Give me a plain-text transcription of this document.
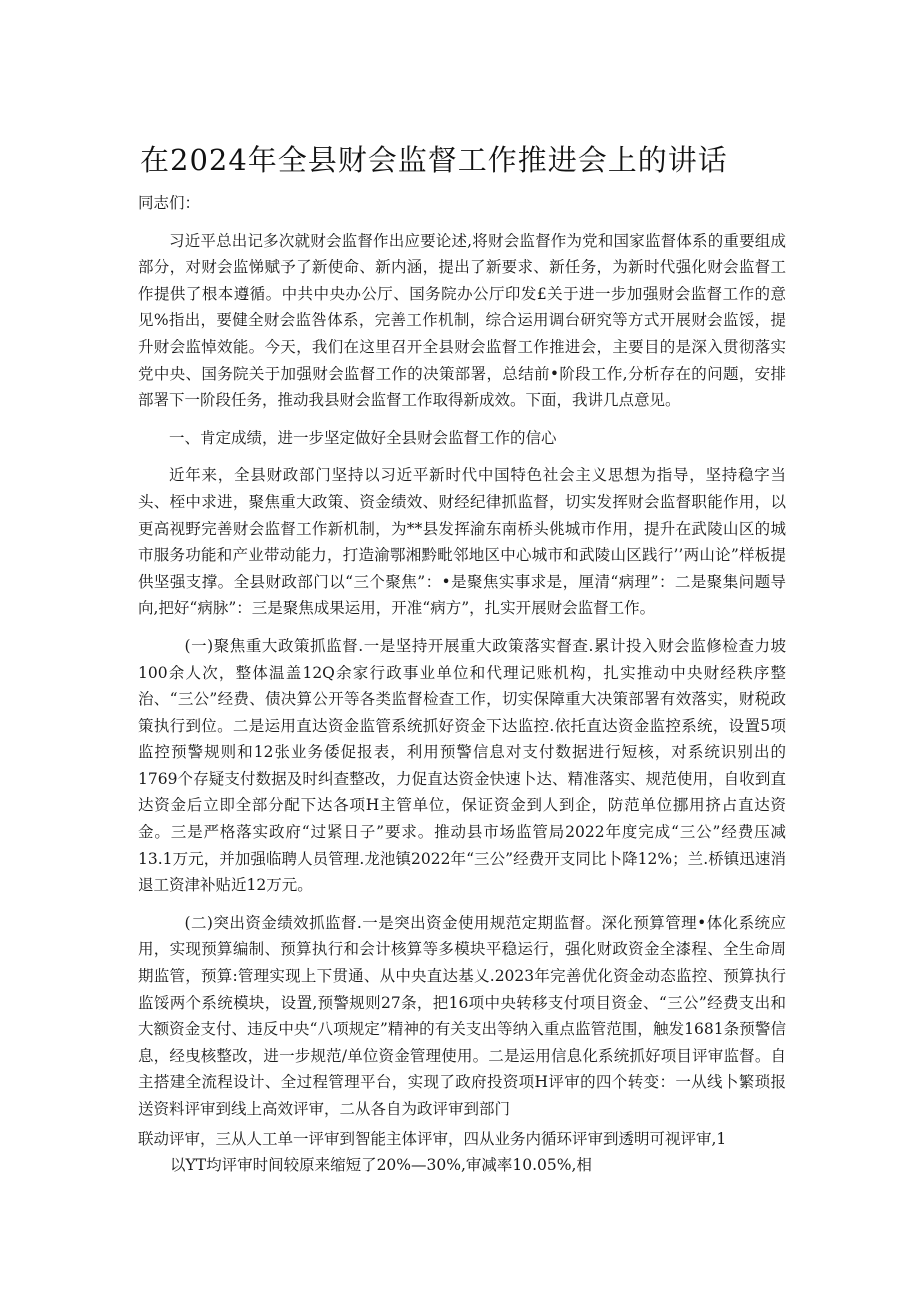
在2024年全县财会监督工作推进会上的讲话

同志们：

习近平总出记多次就财会监督作出应要论述,将财会监督作为党和国家监督体系的重要组成部分，对财会监悌赋予了新使命、新内涵，提出了新要求、新任务，为新时代强化财会监督工作提供了根本遵循。中共中央办公厅、国务院办公厅印发£关于进一步加强财会监督工作的意见%指出，要健全财会监咎体系，完善工作机制，综合运用调台研究等方式开展财会监馁，提升财会监悼效能。今天，我们在这里召开全县财会监督工作推进会，主要目的是深入贯彻落实党中央、国务院关于加强财会监督工作的决策部署，总结前•阶段工作,分析存在的问题，安排部署下一阶段任务，推动我县财会监督工作取得新成效。下面，我讲几点意见。

一、肯定成绩，进一步坚定做好全县财会监督工作的信心

近年来，全县财政部门坚持以习近平新时代中国特色社会主义思想为指导，坚持稳字当头、桎中求进，聚焦重大政策、资金绩效、财经纪律抓监督，切实发挥财会监督职能作用，以更高视野完善财会监督工作新机制，为**县发挥渝东南桥头佻城市作用，提升在武陵山区的城市服务功能和产业带动能力，打造渝鄂湘黔毗邻地区中心城市和武陵山区践行’’两山论”样板提供坚强支撑。全县财政部门以“三个聚焦”：•是聚焦实事求是，厘清“病理”：二是聚集问题导向,把好“病脉”：三是聚焦成果运用，开准“病方”，扎实开展财会监督工作。

(一)聚焦重大政策抓监督.一是坚持开展重大政策落实督查.累计投入财会监修检查力坡100余人次，整体温盖12Q余家行政事业单位和代理记账机构，扎实推动中央财经秩序整治、“三公”经费、债决算公开等各类监督检查工作，切实保障重大决策部署有效落实，财税政策执行到位。二是运用直达资金监管系统抓好资金下达监控.依托直达资金监控系统，设置5项监控预警规则和12张业务倭促报表，利用预警信息对支付数据进行短核，对系统识别出的1769个存疑支付数据及时纠查整改，力促直达资金快速卜达、精准落实、规范使用，自收到直达资金后立即全部分配下达各项H主管单位，保证资金到人到企，防范单位挪用挤占直达资金。三是严格落实政府“过紧日子”要求。推动县市场监管局2022年度完成“三公”经费压减13.1万元，并加强临聘人员管理.龙池镇2022年“三公”经费开支同比卜降12%；兰.桥镇迅速消退工资津补贴近12万元。

(二)突出资金绩效抓监督.一是突出资金使用规范定期监督。深化预算管理•体化系统应用，实现预算编制、预算执行和会计核算等多模块平稳运行，强化财政资金全漆程、全生命周期监管，预算:管理实现上下贯通、从中央直达基乂.2023年完善优化资金动态监控、预算执行监馁两个系统模块，设置,预警规则27条，把16项中央转移支付项目资金、“三公”经费支出和大额资金支付、违反中央“八项规定”精神的有关支出等纳入重点监管范围，触发1681条预警信息，经曳核整改，进一步规范/单位资金管理使用。二是运用信息化系统抓好项目评审监督。自主搭建全流程设计、全过程管理平台，实现了政府投资项H评审的四个转变：一从线卜繁琐报送资料评审到线上高效评审，二从各自为政评审到部门

联动评审，三从人工单一评审到智能主体评审，四从业务内循环评审到透明可视评审,1
以YT均评审时间较原来缩短了20%—30%,审减率10.05%,相
